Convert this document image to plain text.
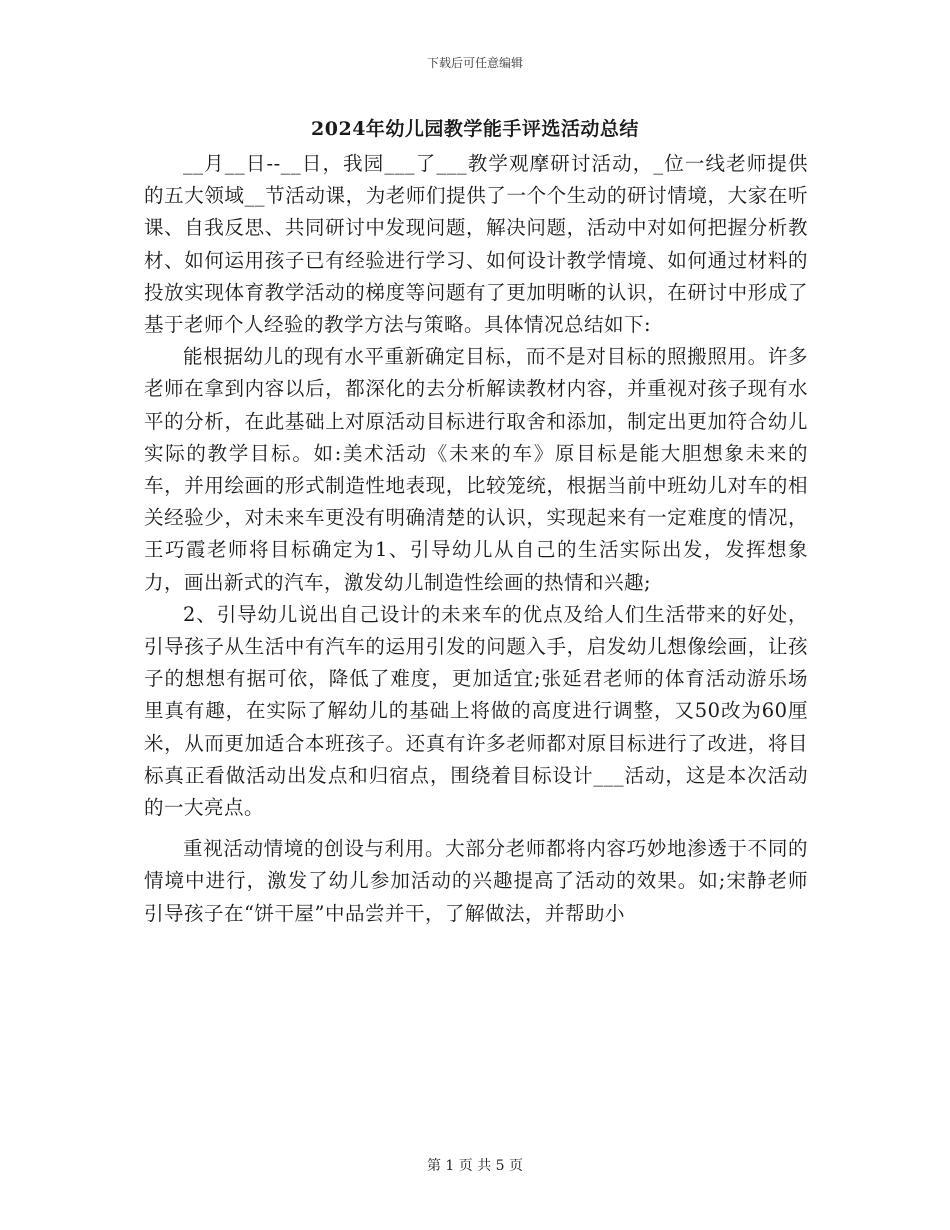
下载后可任意编辑
2024年幼儿园教学能手评选活动总结

__月__日--__日，我园___了___教学观摩研讨活动，_位一线老师提供的五大领域__节活动课，为老师们提供了一个个生动的研讨情境，大家在听课、自我反思、共同研讨中发现问题，解决问题，活动中对如何把握分析教材、如何运用孩子已有经验进行学习、如何设计教学情境、如何通过材料的投放实现体育教学活动的梯度等问题有了更加明晰的认识，在研讨中形成了基于老师个人经验的教学方法与策略。具体情况总结如下:

能根据幼儿的现有水平重新确定目标，而不是对目标的照搬照用。许多老师在拿到内容以后，都深化的去分析解读教材内容，并重视对孩子现有水平的分析，在此基础上对原活动目标进行取舍和添加，制定出更加符合幼儿实际的教学目标。如:美术活动《未来的车》原目标是能大胆想象未来的车，并用绘画的形式制造性地表现，比较笼统，根据当前中班幼儿对车的相关经验少，对未来车更没有明确清楚的认识，实现起来有一定难度的情况，王巧霞老师将目标确定为1、引导幼儿从自己的生活实际出发，发挥想象力，画出新式的汽车，激发幼儿制造性绘画的热情和兴趣;

2、引导幼儿说出自己设计的未来车的优点及给人们生活带来的好处，引导孩子从生活中有汽车的运用引发的问题入手，启发幼儿想像绘画，让孩子的想想有据可依，降低了难度，更加适宜;张延君老师的体育活动游乐场里真有趣，在实际了解幼儿的基础上将做的高度进行调整，又50改为60厘米，从而更加适合本班孩子。还真有许多老师都对原目标进行了改进，将目标真正看做活动出发点和归宿点，围绕着目标设计___活动，这是本次活动的一大亮点。

重视活动情境的创设与利用。大部分老师都将内容巧妙地渗透于不同的情境中进行，激发了幼儿参加活动的兴趣提高了活动的效果。如;宋静老师引导孩子在“饼干屋”中品尝并干，了解做法，并帮助小

第 1 页 共 5 页
